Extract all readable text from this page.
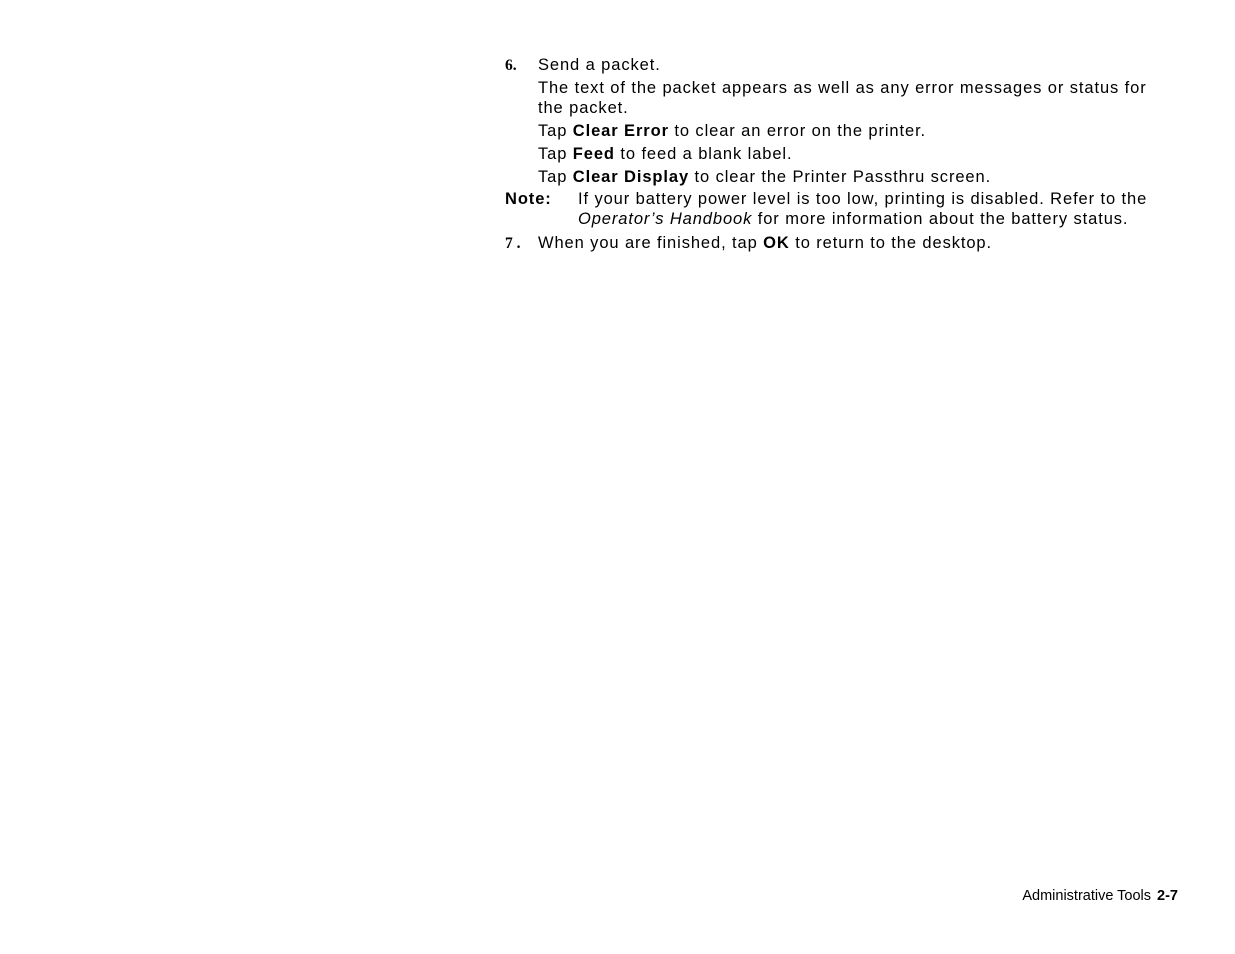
6. Send a packet.
The text of the packet appears as well as any error messages or status for the packet.
Tap Clear Error to clear an error on the printer.
Tap Feed to feed a blank label.
Tap Clear Display to clear the Printer Passthru screen.
Note: If your battery power level is too low, printing is disabled. Refer to the Operator’s Handbook for more information about the battery status.
7 . When you are finished, tap OK to return to the desktop.
Administrative Tools 2-7
